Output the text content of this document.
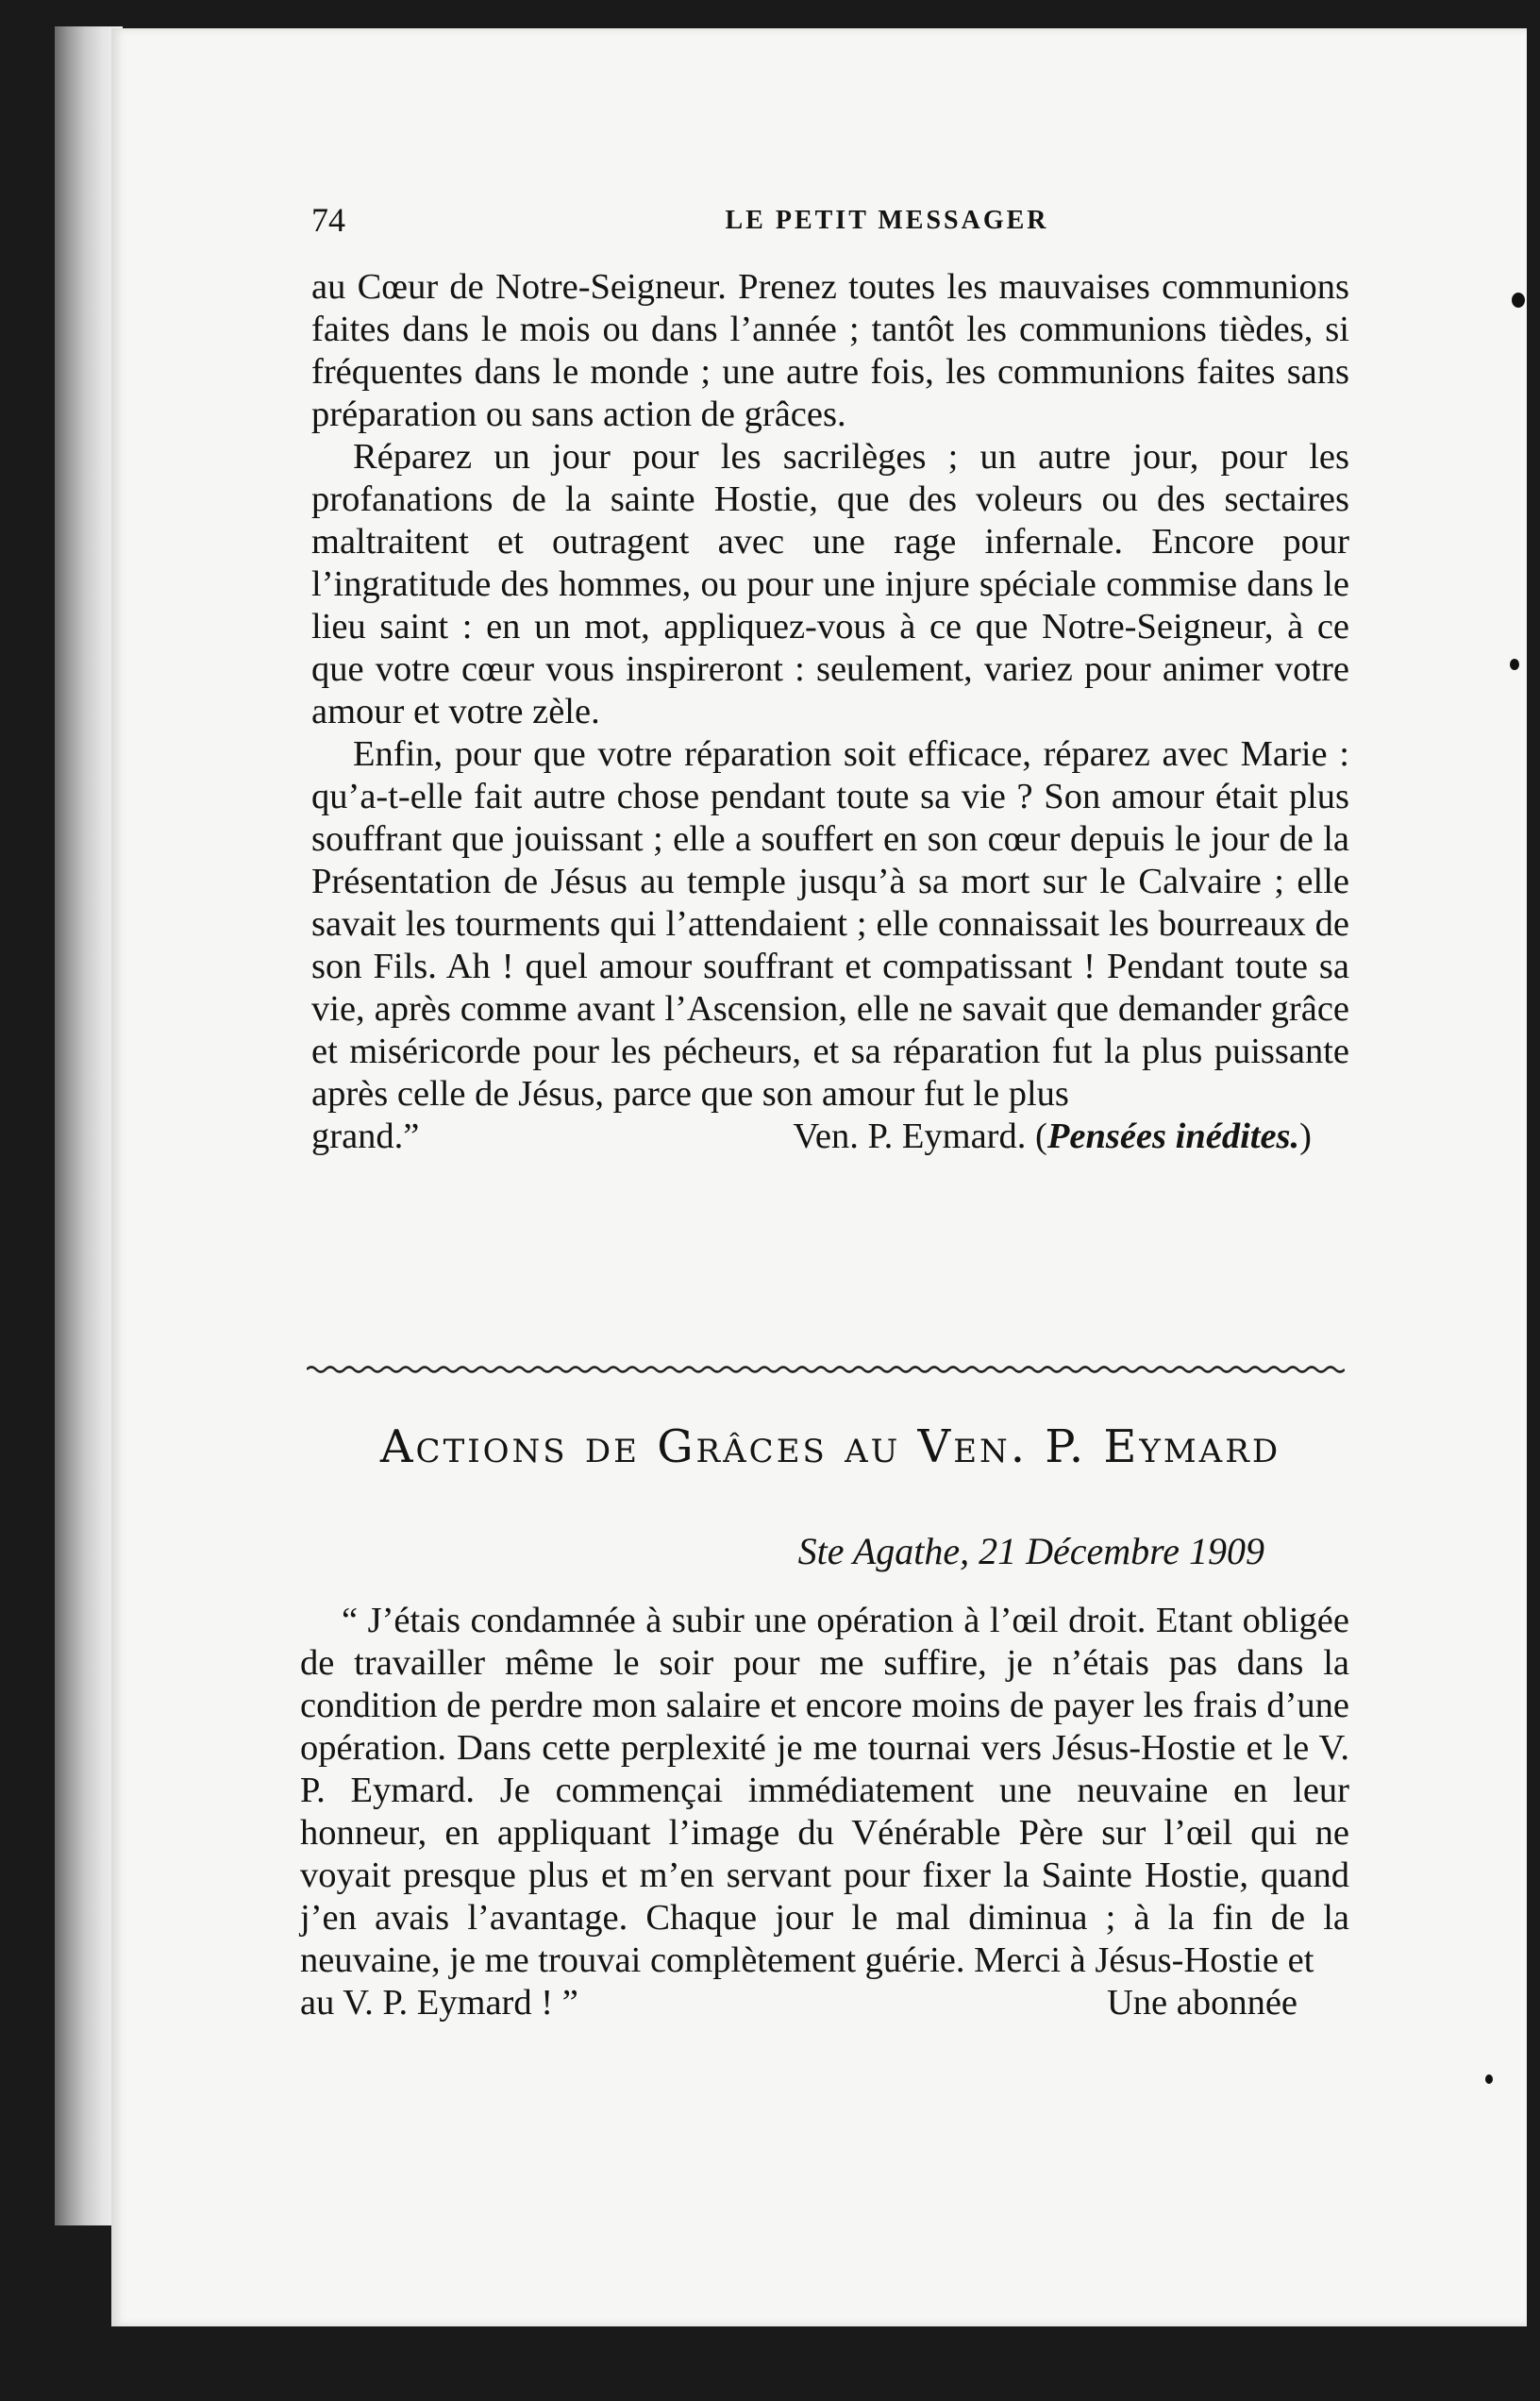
74	LE PETIT MESSAGER

au Cœur de Notre-Seigneur. Prenez toutes les mauvaises communions faites dans le mois ou dans l’année ; tantôt les communions tièdes, si fréquentes dans le monde ; une autre fois, les communions faites sans préparation ou sans action de grâces.

Réparez un jour pour les sacrilèges ; un autre jour, pour les profanations de la sainte Hostie, que des voleurs ou des sectaires maltraitent et outragent avec une rage infernale. Encore pour l’ingratitude des hommes, ou pour une injure spéciale commise dans le lieu saint : en un mot, appliquez-vous à ce que Notre-Seigneur, à ce que votre cœur vous inspireront : seulement, variez pour animer votre amour et votre zèle.

Enfin, pour que votre réparation soit efficace, réparez avec Marie : qu’a-t-elle fait autre chose pendant toute sa vie ? Son amour était plus souffrant que jouissant ; elle a souffert en son cœur depuis le jour de la Présentation de Jésus au temple jusqu’à sa mort sur le Calvaire ; elle savait les tourments qui l’attendaient ; elle connaissait les bourreaux de son Fils. Ah ! quel amour souffrant et compatissant ! Pendant toute sa vie, après comme avant l’Ascension, elle ne savait que demander grâce et miséricorde pour les pécheurs, et sa réparation fut la plus puissante après celle de Jésus, parce que son amour fut le plus

grand.”	Ven. P. Eymard. (Pensées inédites.)
Actions de Grâces au Ven. P. Eymard
Ste Agathe, 21 Décembre 1909

“ J’étais condamnée à subir une opération à l’œil droit. Etant obligée de travailler même le soir pour me suffire, je n’étais pas dans la condition de perdre mon salaire et encore moins de payer les frais d’une opération. Dans cette perplexité je me tournai vers Jésus-Hostie et le V. P. Eymard. Je commençai immédiatement une neuvaine en leur honneur, en appliquant l’image du Vénérable Père sur l’œil qui ne voyait presque plus et m’en servant pour fixer la Sainte Hostie, quand j’en avais l’avantage. Chaque jour le mal diminua ; à la fin de la neuvaine, je me trouvai complètement guérie. Merci à Jésus-Hostie et

au V. P. Eymard ! ”	Une abonnée
